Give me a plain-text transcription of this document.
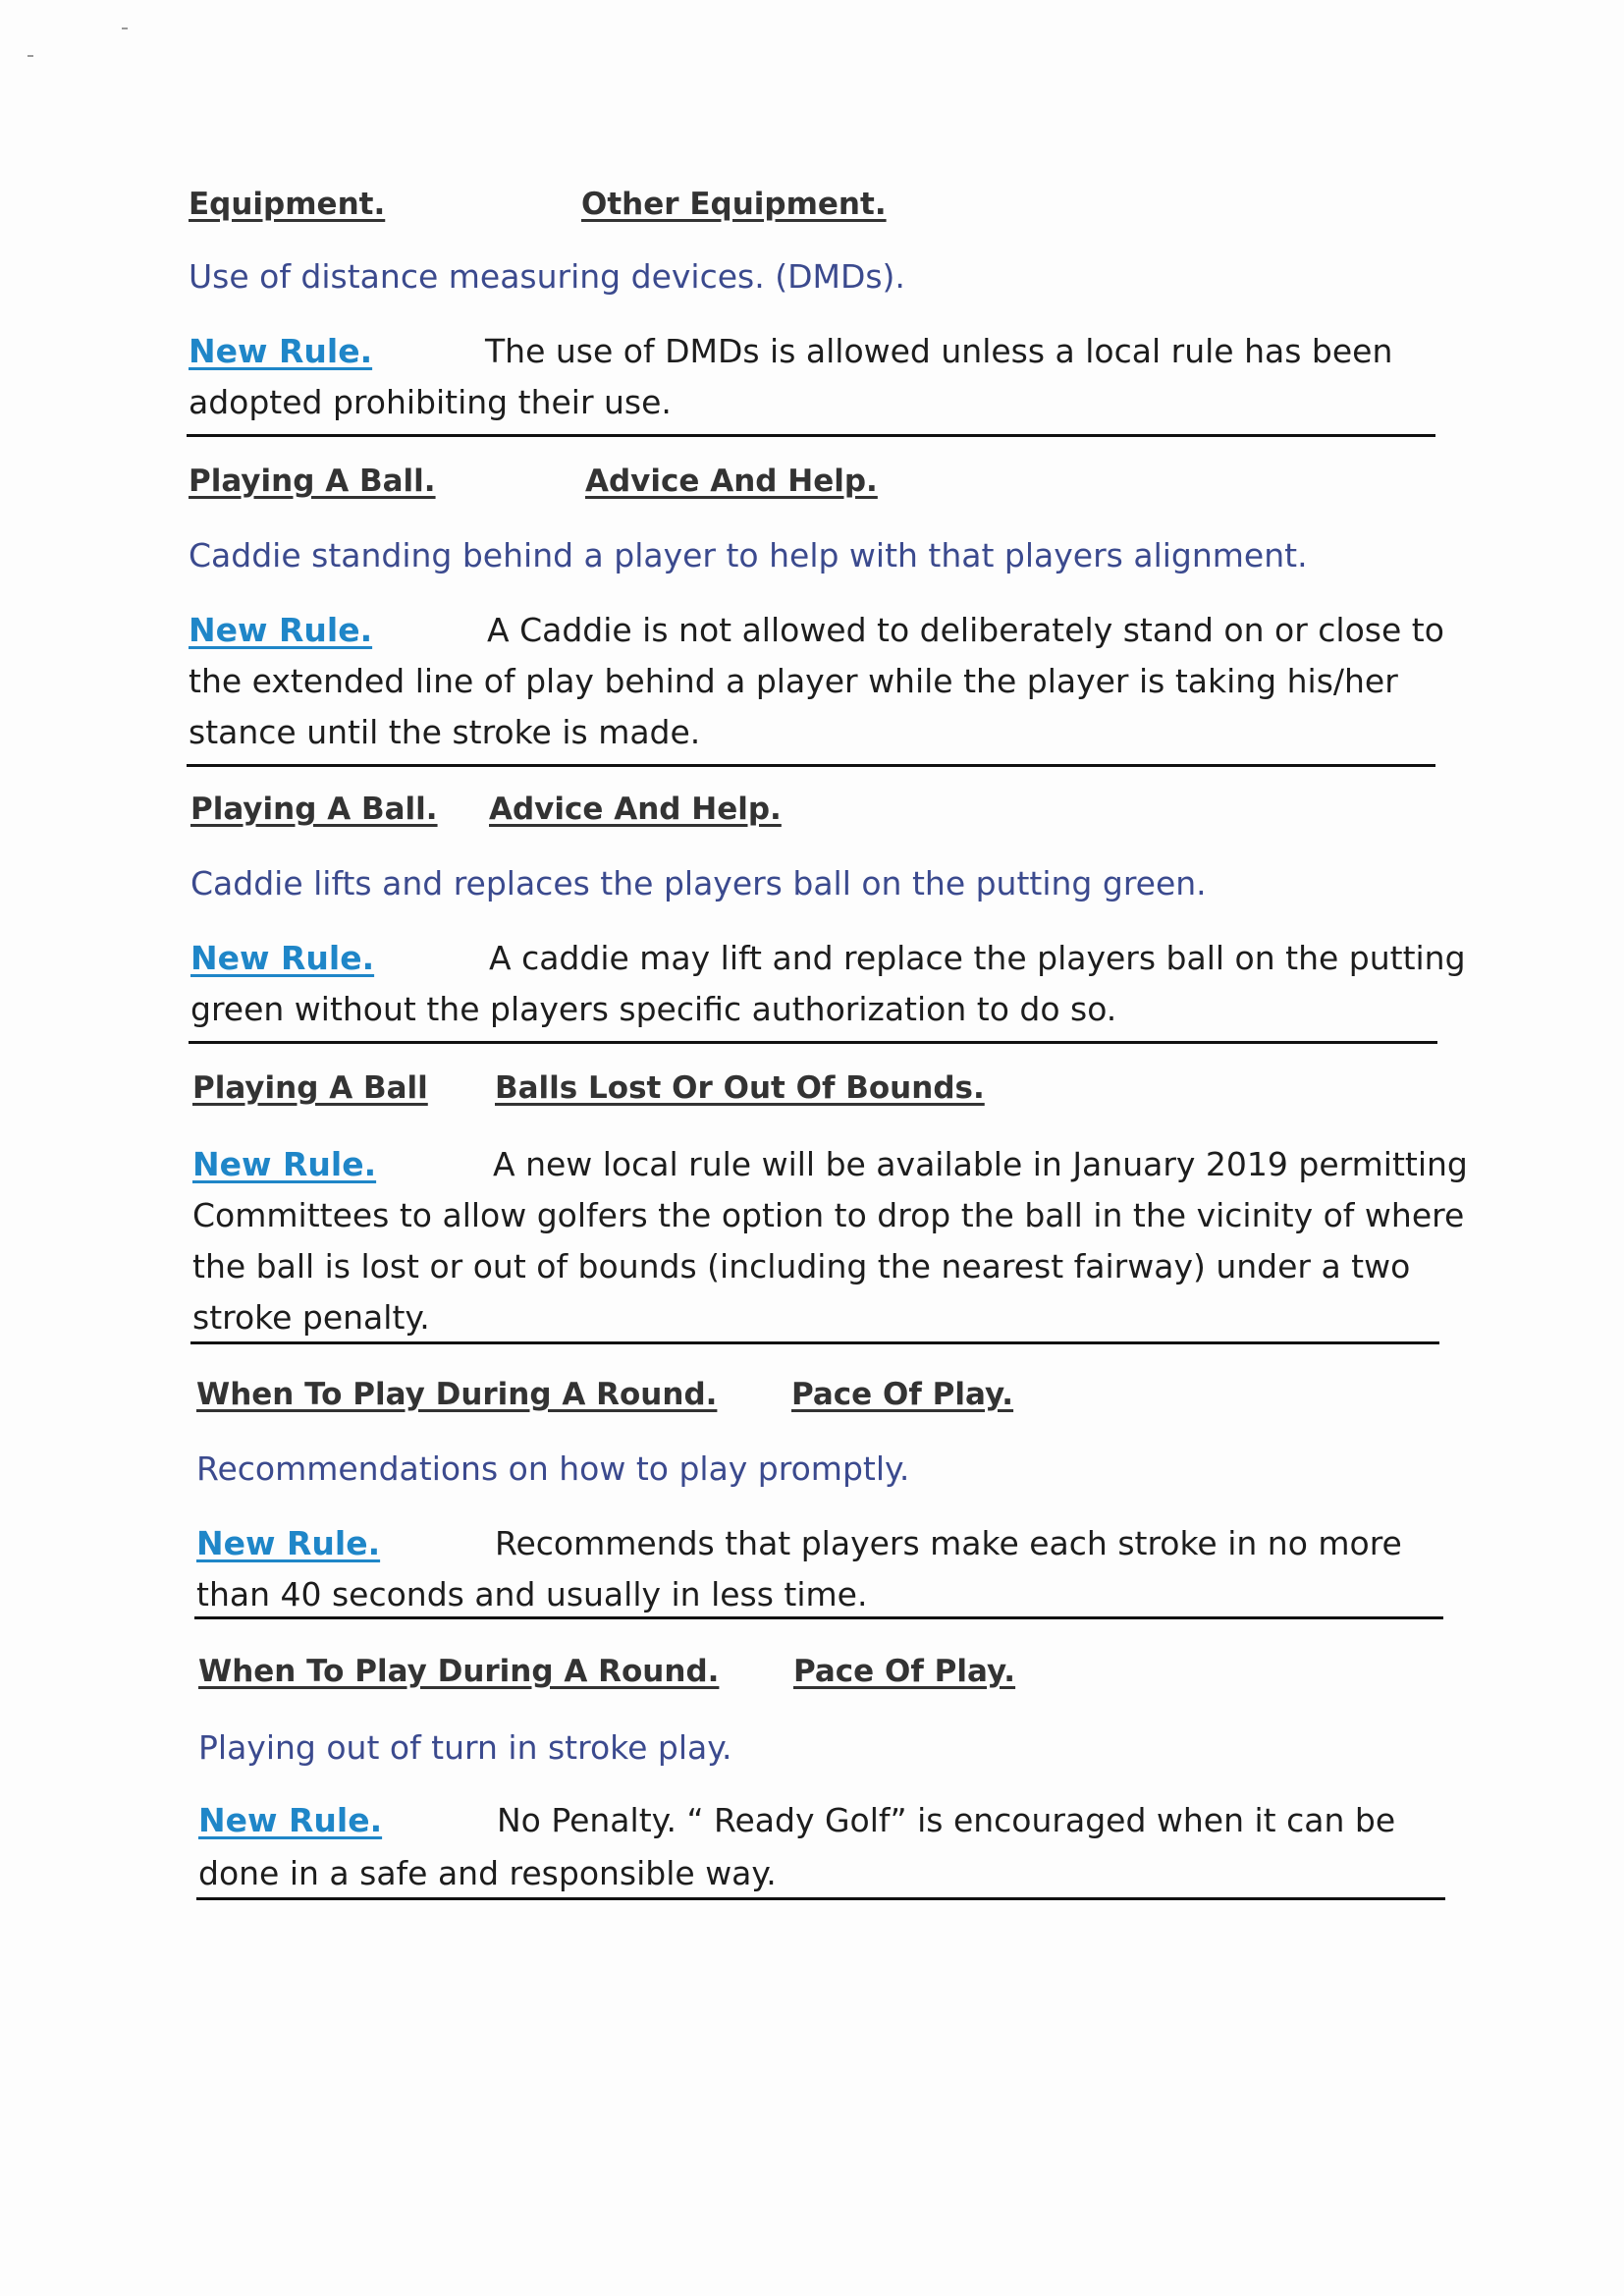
Equipment.	Other Equipment.
Use of distance measuring devices. (DMDs).
New Rule.	The use of DMDs is allowed unless a local rule has been
adopted prohibiting their use.
Playing A Ball.	Advice And Help.
Caddie standing behind a player to help with that players alignment.
New Rule.	A Caddie is not allowed to deliberately stand on or close to
the extended line of play behind a player while the player is taking his/her
stance until the stroke is made.
Playing A Ball. Advice And Help.
Caddie lifts and replaces the players ball on the putting green.
New Rule.	A caddie may lift and replace the players ball on the putting
green without the players specific authorization to do so.
Playing A Ball Balls Lost Or Out Of Bounds.
New Rule.	A new local rule will be available in January 2019 permitting
Committees to allow golfers the option to drop the ball in the vicinity of where
the ball is lost or out of bounds (including the nearest fairway) under a two
stroke penalty.
When To Play During A Round. Pace Of Play.
Recommendations on how to play promptly.
New Rule.	Recommends that players make each stroke in no more
than 40 seconds and usually in less time.
When To Play During A Round. Pace Of Play.
Playing out of turn in stroke play.
New Rule.	No Penalty. “ Ready Golf” is encouraged when it can be
done in a safe and responsible way.
